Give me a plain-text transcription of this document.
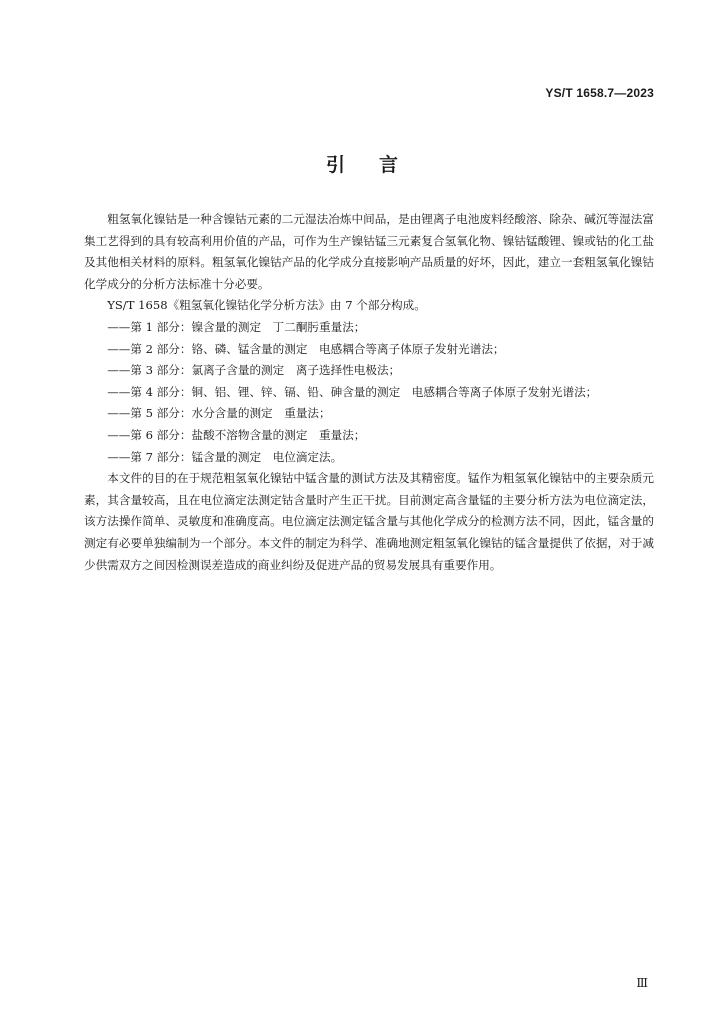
YS/T 1658.7—2023
引言

粗氢氧化镍钴是一种含镍钴元素的二元湿法冶炼中间品，是由锂离子电池废料经酸溶、除杂、碱沉等湿法富集工艺得到的具有较高利用价值的产品，可作为生产镍钴锰三元素复合氢氧化物、镍钴锰酸锂、镍或钴的化工盐及其他相关材料的原料。粗氢氧化镍钴产品的化学成分直接影响产品质量的好坏，因此，建立一套粗氢氧化镍钴化学成分的分析方法标准十分必要。

YS/T 1658《粗氢氧化镍钴化学分析方法》由 7 个部分构成。

——第 1 部分：镍含量的测定　丁二酮肟重量法；
——第 2 部分：铬、磷、锰含量的测定　电感耦合等离子体原子发射光谱法；
——第 3 部分：氯离子含量的测定　离子选择性电极法；
——第 4 部分：铜、铝、锂、锌、镉、铅、砷含量的测定　电感耦合等离子体原子发射光谱法；
——第 5 部分：水分含量的测定　重量法；
——第 6 部分：盐酸不溶物含量的测定　重量法；
——第 7 部分：锰含量的测定　电位滴定法。

本文件的目的在于规范粗氢氧化镍钴中锰含量的测试方法及其精密度。锰作为粗氢氧化镍钴中的主要杂质元素，其含量较高，且在电位滴定法测定钴含量时产生正干扰。目前测定高含量锰的主要分析方法为电位滴定法，该方法操作简单、灵敏度和准确度高。电位滴定法测定锰含量与其他化学成分的检测方法不同，因此，锰含量的测定有必要单独编制为一个部分。本文件的制定为科学、准确地测定粗氢氧化镍钴的锰含量提供了依据，对于减少供需双方之间因检测误差造成的商业纠纷及促进产品的贸易发展具有重要作用。

Ⅲ
